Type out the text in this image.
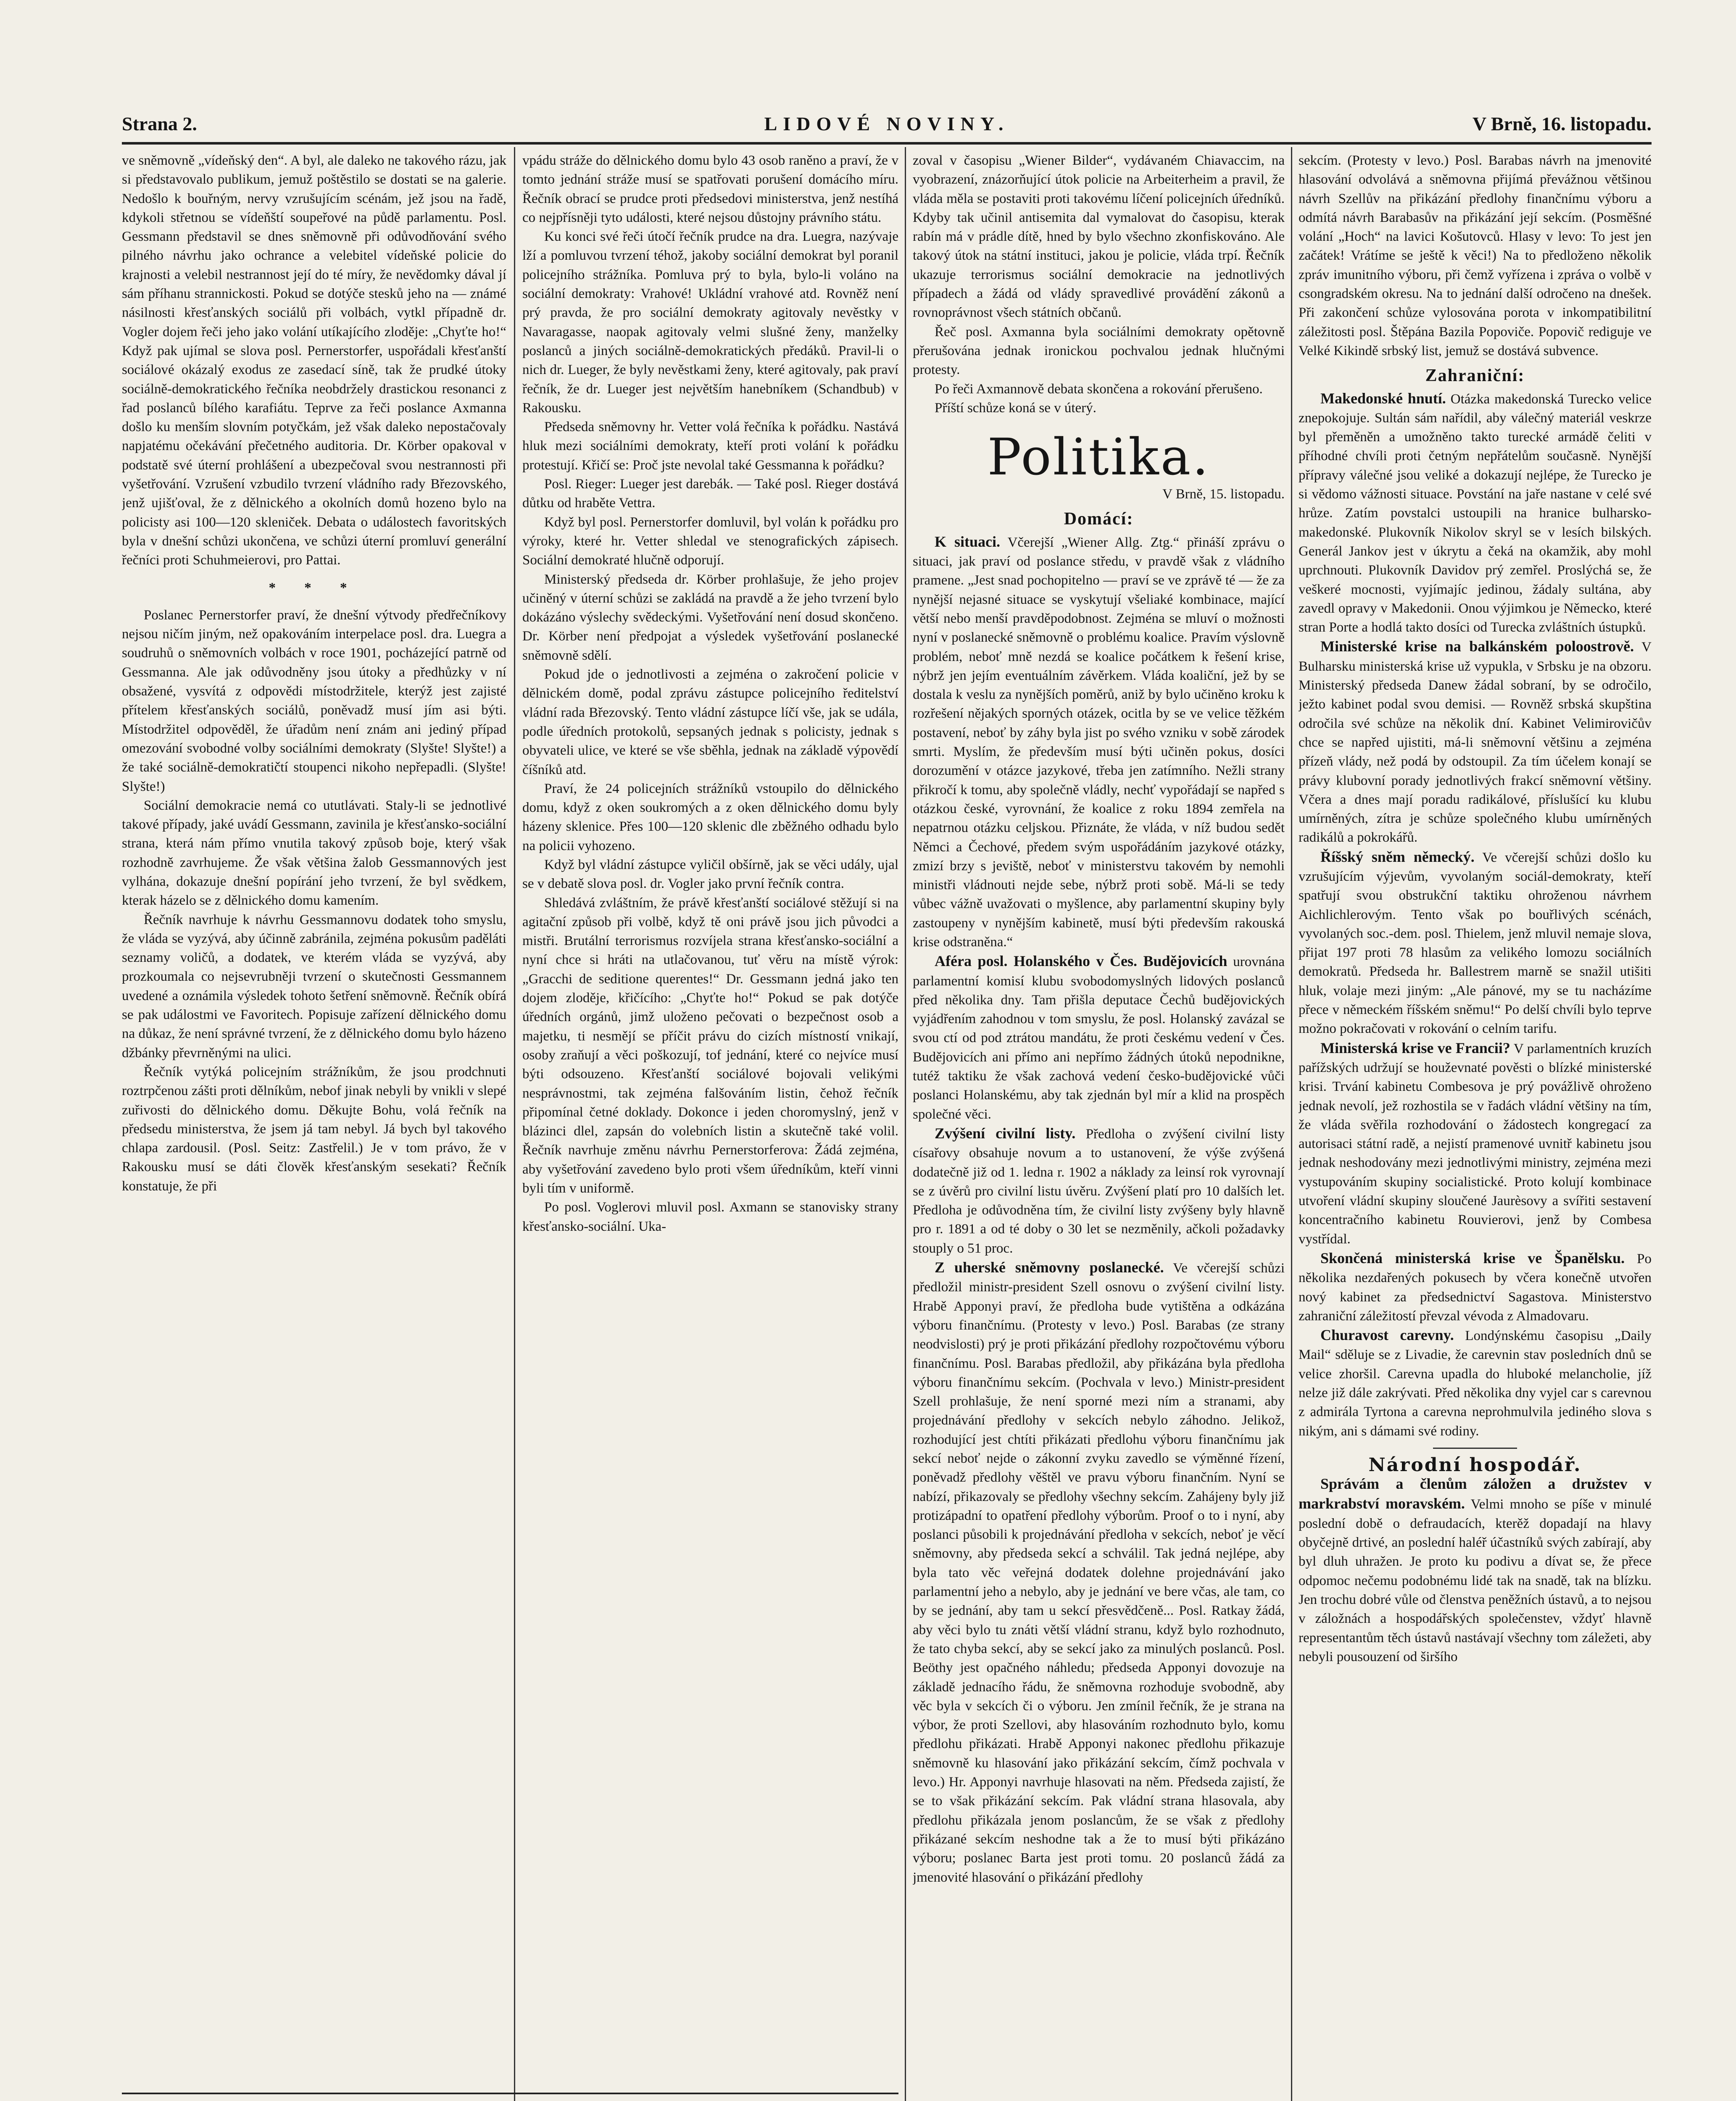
Strana 2.	LIDOVÉ NOVINY.	V Brně, 16. listopadu.

ve sněmovně „vídeňský den“. A byl, ale daleko ne takového rázu, jak si představovalo publikum, jemuž poštěstilo se dostati se na galerie. Nedošlo k bouřným, nervy vzrušujícím scénám, jež jsou na řadě, kdykoli střetnou se vídeňští soupeřové na půdě parlamentu. Posl. Gessmann představil se dnes sněmovně při odůvodňování svého pilného návrhu jako ochrance a velebitel vídeňské policie do krajnosti a velebil nestrannost její do té míry, že nevědomky dával jí sám příhanu strannickosti. Pokud se dotýče stesků jeho na — známé násilnosti křesťanských sociálů při volbách, vytkl případně dr. Vogler dojem řeči jeho jako volání utíkajícího zloděje: „Chyťte ho!“ Když pak ujímal se slova posl. Pernerstorfer, uspořádali křesťanští sociálové okázalý exodus ze zasedací síně, tak že prudké útoky sociálně-demokratického řečníka neobdržely drastickou resonanci z řad poslanců bílého karafiátu. Teprve za řeči poslance Axmanna došlo ku menším slovním potyčkám, jež však daleko nepostačovaly napjatému očekávání přečetného auditoria. Dr. Körber opakoval v podstatě své úterní prohlášení a ubezpečoval svou nestrannosti při vyšetřování. Vzrušení vzbudilo tvrzení vládního rady Březovského, jenž ujišťoval, že z dělnického a okolních domů hozeno bylo na policisty asi 100—120 skleniček. Debata o událostech favoritských byla v dnešní schůzi ukončena, ve schůzi úterní promluví generální řečníci proti Schuhmeierovi, pro Pattai.

* * *

Poslanec Pernerstorfer praví, že dnešní výtvody předřečníkovy nejsou ničím jiným, než opakováním interpelace posl. dra. Luegra a soudruhů o sněmovních volbách v roce 1901, pocházející patrně od Gessmanna. Ale jak odůvodněny jsou útoky a předhůzky v ní obsažené, vysvítá z odpovědi místodržitele, kterýž jest zajisté přítelem křesťanských sociálů, poněvadž musí jím asi býti. Místodržitel odpověděl, že úřadům není znám ani jediný případ omezování svobodné volby sociálními demokraty (Slyšte! Slyšte!) a že také sociálně-demokratičtí stoupenci nikoho nepřepadli. (Slyšte! Slyšte!)

Sociální demokracie nemá co ututlávati. Staly-li se jednotlivé takové případy, jaké uvádí Gessmann, zavinila je křesťansko-sociální strana, která nám přímo vnutila takový způsob boje, který však rozhodně zavrhujeme. Že však většina žalob Gessmannových jest vylhána, dokazuje dnešní popírání jeho tvrzení, že byl svědkem, kterak házelo se z dělnického domu kamením.

Řečník navrhuje k návrhu Gessmannovu dodatek toho smyslu, že vláda se vyzývá, aby účinně zabránila, zejména pokusům paděláti seznamy voličů, a dodatek, ve kterém vláda se vyzývá, aby prozkoumala co nejsevrubněji tvrzení o skutečnosti Gessmannem uvedené a oznámila výsledek tohoto šetření sněmovně. Řečník obírá se pak událostmi ve Favoritech. Popisuje zařízení dělnického domu na důkaz, že není správné tvrzení, že z dělnického domu bylo házeno džbánky převrněnými na ulici.

Řečník vytýká policejním strážníkům, že jsou prodchnuti roztrpčenou zášti proti dělníkům, nebof jinak nebyli by vnikli v slepé zuřivosti do dělnického domu. Děkujte Bohu, volá řečník na předsedu ministerstva, že jsem já tam nebyl. Já bych byl takového chlapa zardousil. (Posl. Seitz: Zastřelil.) Je v tom právo, že v Rakousku musí se dáti člověk křesťanským sesekati? Řečník konstatuje, že při

vpádu stráže do dělnického domu bylo 43 osob raněno a praví, že v tomto jednání stráže musí se spatřovati porušení domácího míru. Řečník obrací se prudce proti předsedovi ministerstva, jenž nestíhá co nejpřísněji tyto události, které nejsou důstojny právního státu.

Ku konci své řeči útočí řečník prudce na dra. Luegra, nazývaje lží a pomluvou tvrzení téhož, jakoby sociální demokrat byl poranil policejního strážníka. Pomluva prý to byla, bylo-li voláno na sociální demokraty: Vrahové! Ukládní vrahové atd. Rovněž není prý pravda, že pro sociální demokraty agitovaly nevěstky v Navaragasse, naopak agitovaly velmi slušné ženy, manželky poslanců a jiných sociálně-demokratických předáků. Pravil-li o nich dr. Lueger, že byly nevěstkami ženy, které agitovaly, pak praví řečník, že dr. Lueger jest největším hanebníkem (Schandbub) v Rakousku.

Předseda sněmovny hr. Vetter volá řečníka k pořádku. Nastává hluk mezi sociálními demokraty, kteří proti volání k pořádku protestují. Křičí se: Proč jste nevolal také Gessmanna k pořádku?

Posl. Rieger: Lueger jest darebák. — Také posl. Rieger dostává důtku od hraběte Vettra.

Když byl posl. Pernerstorfer domluvil, byl volán k pořádku pro výroky, které hr. Vetter shledal ve stenografických zápisech. Sociální demokraté hlučně odporují.

Ministerský předseda dr. Körber prohlašuje, že jeho projev učiněný v úterní schůzi se zakládá na pravdě a že jeho tvrzení bylo dokázáno výslechy svědeckými. Vyšetřování není dosud skončeno. Dr. Körber není předpojat a výsledek vyšetřování poslanecké sněmovně sdělí.

Pokud jde o jednotlivosti a zejména o zakročení policie v dělnickém domě, podal zprávu zástupce policejního ředitelství vládní rada Březovský. Tento vládní zástupce líčí vše, jak se udála, podle úředních protokolů, sepsaných jednak s policisty, jednak s obyvateli ulice, ve které se vše sběhla, jednak na základě výpovědí číšníků atd.

Praví, že 24 policejních strážníků vstoupilo do dělnického domu, když z oken soukromých a z oken dělnického domu byly házeny sklenice. Přes 100—120 sklenic dle zběžného odhadu bylo na policii vyhozeno.

Když byl vládní zástupce vyličil obšírně, jak se věci udály, ujal se v debatě slova posl. dr. Vogler jako první řečník contra.

Shledává zvláštním, že právě křesťanští sociálové stěžují si na agitační způsob při volbě, když tě oni právě jsou jich původci a mistři. Brutální terrorismus rozvíjela strana křesťansko-sociální a nyní chce si hráti na utlačovanou, tuť věru na místě výrok: „Gracchi de seditione querentes!“ Dr. Gessmann jedná jako ten dojem zloděje, křičícího: „Chyťte ho!“ Pokud se pak dotýče úředních orgánů, jimž uloženo pečovati o bezpečnost osob a majetku, ti nesmějí se příčit právu do cizích místností vnikají, osoby zraňují a věci poškozují, tof jednání, které co nejvíce musí býti odsouzeno. Křesťanští sociálové bojovali velikými nesprávnostmi, tak zejména falšováním listin, čehož řečník připomínal četné doklady. Dokonce i jeden choromyslný, jenž v blázinci dlel, zapsán do volebních listin a skutečně také volil. Řečník navrhuje změnu návrhu Pernerstorferova: Žádá zejména, aby vyšetřování zavedeno bylo proti všem úředníkům, kteří vinni byli tím v uniformě.

Po posl. Voglerovi mluvil posl. Axmann se stanovisky strany křesťansko-sociální. Uka-

zoval v časopisu „Wiener Bilder“, vydávaném Chiavaccim, na vyobrazení, znázorňující útok policie na Arbeiterheim a pravil, že vláda měla se postaviti proti takovému líčení policejních úředníků. Kdyby tak učinil antisemita dal vymalovat do časopisu, kterak rabín má v prádle dítě, hned by bylo všechno zkonfiskováno. Ale takový útok na státní instituci, jakou je policie, vláda trpí. Řečník ukazuje terrorismus sociální demokracie na jednotlivých případech a žádá od vlády spravedlivé provádění zákonů a rovnoprávnost všech státních občanů.

Řeč posl. Axmanna byla sociálními demokraty opětovně přerušována jednak ironickou pochvalou jednak hlučnými protesty.

Po řeči Axmannově debata skončena a rokování přerušeno.

Příští schůze koná se v úterý.

Politika.
V Brně, 15. listopadu.
Domácí:

K situaci. Včerejší „Wiener Allg. Ztg.“ přináší zprávu o situaci, jak praví od poslance středu, v pravdě však z vládního pramene. „Jest snad pochopitelno — praví se ve zprávě té — že za nynější nejasné situace se vyskytují všeliaké kombinace, mající větší nebo menší pravděpodobnost. Zejména se mluví o možnosti nyní v poslanecké sněmovně o problému koalice. Pravím výslovně problém, neboť mně nezdá se koalice počátkem k řešení krise, nýbrž jen jejím eventuálním závěrkem. Vláda koaliční, jež by se dostala k veslu za nynějších poměrů, aniž by bylo učiněno kroku k rozřešení nějakých sporných otázek, ocitla by se ve velice těžkém postavení, neboť by záhy byla jist po svého vzniku v sobě zárodek smrti. Myslím, že především musí býti učiněn pokus, dosíci dorozumění v otázce jazykové, třeba jen zatímního. Nežli strany přikročí k tomu, aby společně vládly, nechť vypořádají se napřed s otázkou české, vyrovnání, že koalice z roku 1894 zemřela na nepatrnou otázku celjskou. Přiznáte, že vláda, v níž budou sedět Němci a Čechové, předem svým uspořádáním jazykové otázky, zmizí brzy s jeviště, neboť v ministerstvu takovém by nemohli ministři vládnouti nejde sebe, nýbrž proti sobě. Má-li se tedy vůbec vážně uvažovati o myšlence, aby parlamentní skupiny byly zastoupeny v nynějším kabinetě, musí býti především rakouská krise odstraněna.“

Aféra posl. Holanského v Čes. Budějovicích urovnána parlamentní komisí klubu svobodomyslných lidových poslanců před několika dny. Tam přišla deputace Čechů budějovických vyjádřením zahodnou v tom smyslu, že posl. Holanský zavázal se svou ctí od pod ztrátou mandátu, že proti českému vedení v Čes. Budějovicích ani přímo ani nepřímo žádných útoků nepodnikne, tutéž taktiku že však zachová vedení česko-budějovické vůči poslanci Holanskému, aby tak zjednán byl mír a klid na prospěch společné věci.

Zvýšení civilní listy. Předloha o zvýšení civilní listy císařovy obsahuje novum a to ustanovení, že výše zvýšená dodatečně již od 1. ledna r. 1902 a náklady za leinsí rok vyrovnají se z úvěrů pro civilní listu úvěru. Zvýšení platí pro 10 dalších let. Předloha je odůvodněna tím, že civilní listy zvýšeny byly hlavně pro r. 1891 a od té doby o 30 let se nezměnily, ačkoli požadavky stouply o 51 proc.

Z uherské sněmovny poslanecké. Ve včerejší schůzi předložil ministr-president Szell osnovu o zvýšení civilní listy. Hrabě Apponyi praví, že předloha bude vytištěna a odkázána výboru finančnímu. (Protesty v levo.) Posl. Barabas (ze strany neodvislosti) prý je proti přikázání předlohy rozpočtovému výboru finančnímu. Posl. Barabas předložil, aby přikázána byla předloha výboru finančnímu sekcím. (Pochvala v levo.) Ministr-president Szell prohlašuje, že není sporné mezi ním a stranami, aby projednávání předlohy v sekcích nebylo záhodno. Jelikož, rozhodující jest chtíti přikázati předlohu výboru finančnímu jak sekcí neboť nejde o zákonní zvyku zavedlo se výměnné řízení, poněvadž předlohy věštěl ve pravu výboru finančním. Nyní se nabízí, přikazovaly se předlohy všechny sekcím. Zahájeny byly již protizápadní to opatření předlohy výborům. Proof o to i nyní, aby poslanci působili k projednávání předloha v sekcích, neboť je věcí sněmovny, aby předseda sekcí a schválil. Tak jedná nejlépe, aby byla tato věc veřejná dodatek dolehne projednávání jako parlamentní jeho a nebylo, aby je jednání ve bere včas, ale tam, co by se jednání, aby tam u sekcí přesvědčeně... Posl. Ratkay žádá, aby věci bylo tu znáti větší vládní stranu, když bylo rozhodnuto, že tato chyba sekcí, aby se sekcí jako za minulých poslanců. Posl. Beöthy jest opačného náhledu; předseda Apponyi dovozuje na základě jednacího řádu, že sněmovna rozhoduje svobodně, aby věc byla v sekcích či o výboru. Jen zmínil řečník, že je strana na výbor, že proti Szellovi, aby hlasováním rozhodnuto bylo, komu předlohu přikázati. Hrabě Apponyi nakonec předlohu přikazuje sněmovně ku hlasování jako přikázání sekcím, čímž pochvala v levo.) Hr. Apponyi navrhuje hlasovati na něm. Předseda zajistí, že se to však přikázání sekcím. Pak vládní strana hlasovala, aby předlohu přikázala jenom poslancům, že se však z předlohy přikázané sekcím neshodne tak a že to musí býti přikázáno výboru; poslanec Barta jest proti tomu. 20 poslanců žádá za jmenovité hlasování o přikázání předlohy

sekcím. (Protesty v levo.) Posl. Barabas návrh na jmenovité hlasování odvolává a sněmovna přijímá převážnou většinou návrh Szellův na přikázání předlohy finančnímu výboru a odmítá návrh Barabasův na přikázání její sekcím. (Posměšné volání „Hoch“ na lavici Košutovců. Hlasy v levo: To jest jen začátek! Vrátíme se ještě k věci!) Na to předloženo několik zpráv imunitního výboru, při čemž vyřízena i zpráva o volbě v csongradském okresu. Na to jednání další odročeno na dnešek. Při zakončení schůze vylosována porota v inkompatibilitní záležitosti posl. Štěpána Bazila Popoviče. Popovič rediguje ve Velké Kikindě srbský list, jemuž se dostává subvence.

Zahraniční:

Makedonské hnutí. Otázka makedonská Turecko velice znepokojuje. Sultán sám nařídil, aby válečný materiál veskrze byl přeměněn a umožněno takto turecké armádě čeliti v příhodné chvíli proti četným nepřátelům současně. Nynější přípravy válečné jsou veliké a dokazují nejlépe, že Turecko je si vědomo vážnosti situace. Povstání na jaře nastane v celé své hrůze. Zatím povstalci ustoupili na hranice bulharsko-makedonské. Plukovník Nikolov skryl se v lesích bilských. Generál Jankov jest v úkrytu a čeká na okamžik, aby mohl uprchnouti. Plukovník Davidov prý zemřel. Proslýchá se, že veškeré mocnosti, vyjímajíc jedinou, žádaly sultána, aby zavedl opravy v Makedonii. Onou výjimkou je Německo, které stran Porte a hodlá takto dosíci od Turecka zvláštních ústupků.

Ministerské krise na balkánském poloostrově. V Bulharsku ministerská krise už vypukla, v Srbsku je na obzoru. Ministerský předseda Danew žádal sobraní, by se odročilo, ježto kabinet podal svou demisi. — Rovněž srbská skupština odročila své schůze na několik dní. Kabinet Velimirovičův chce se napřed ujistiti, má-li sněmovní většinu a zejména přízeň vlády, než podá by odstoupil. Za tím účelem konají se právy klubovní porady jednotlivých frakcí sněmovní většiny. Včera a dnes mají poradu radikálové, příslušící ku klubu umírněných, zítra je schůze společného klubu umírněných radikálů a pokrokářů.

Říšský sněm německý. Ve včerejší schůzi došlo ku vzrušujícím výjevům, vyvolaným sociál-demokraty, kteří spatřují svou obstrukční taktiku ohroženou návrhem Aichlichlerovým. Tento však po bouřlivých scénách, vyvolaných soc.-dem. posl. Thielem, jenž mluvil nemaje slova, přijat 197 proti 78 hlasům za velikého lomozu sociálních demokratů. Předseda hr. Ballestrem marně se snažil utišiti hluk, volaje mezi jiným: „Ale pánové, my se tu nacházíme přece v německém říšském sněmu!“ Po delší chvíli bylo teprve možno pokračovati v rokování o celním tarifu.

Ministerská krise ve Francii? V parlamentních kruzích pařížských udržují se houževnaté pověsti o blízké ministerské krisi. Trvání kabinetu Combesova je prý povážlivě ohroženo jednak nevolí, jež rozhostila se v řadách vládní většiny na tím, že vláda svěřila rozhodování o žádostech kongregací za autorisaci státní radě, a nejistí pramenové uvnitř kabinetu jsou jednak neshodovány mezi jednotlivými ministry, zejména mezi vystupováním skupiny socialistické. Proto kolují kombinace utvoření vládní skupiny sloučené Jaurèsovy a svířiti sestavení koncentračního kabinetu Rouvierovi, jenž by Combesa vystřídal.

Skončená ministerská krise ve Španělsku. Po několika nezdařených pokusech by včera konečně utvořen nový kabinet za předsednictví Sagastova. Ministerstvo zahraniční záležitostí převzal vévoda z Almadovaru.

Churavost carevny. Londýnskému časopisu „Daily Mail“ sděluje se z Livadie, že carevnin stav posledních dnů se velice zhoršil. Carevna upadla do hluboké melancholie, jíž nelze již dále zakrývati. Před několika dny vyjel car s carevnou z admirála Tyrtona a carevna neprohmulvila jediného slova s nikým, ani s dámami své rodiny.

Národní hospodář.

Správám a členům záložen a družstev v markrabství moravském. Velmi mnoho se píše v minulé poslední době o defraudacích, kterěž dopadají na hlavy obyčejně drtivé, an poslední haléř účastníků svých zabírají, aby byl dluh uhražen. Je proto ku podivu a dívat se, že přece odpomoc nečemu podobnému lidé tak na snadě, tak na blízku. Jen trochu dobré vůle od členstva peněžních ústavů, a to nejsou v záložnách a hospodářských společenstev, vždyť hlavně representantům těch ústavů nastávají všechny tom záležeti, aby nebyli pousouzení od širšího
